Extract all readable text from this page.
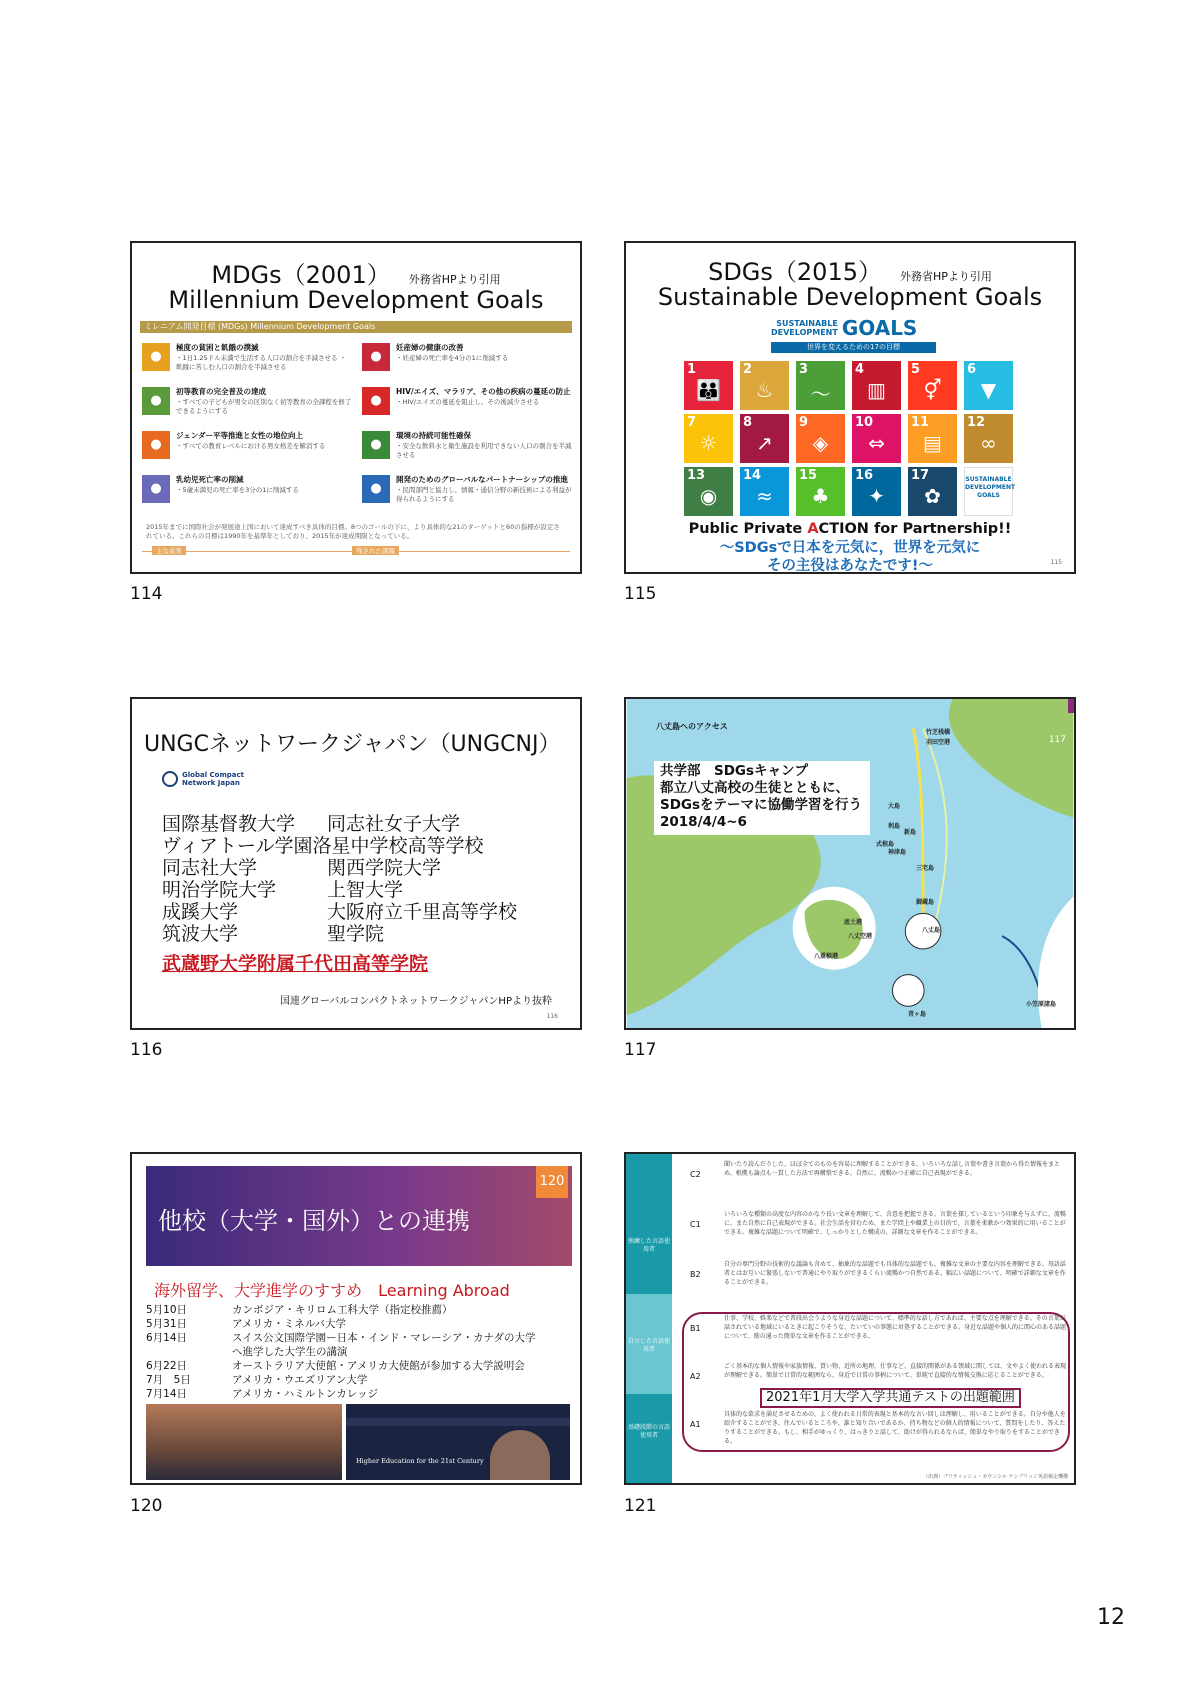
MDGs（2001） 外務省HPより引用
Millennium Development Goals
ミレニアム開発目標 (MDGs) Millennium Development Goals
2015年までに国際社会が発展途上国において達成すべき具体的目標。8つのゴールの下に、より具体的な21のターゲットと60の指標が設定されている。これらの目標は1990年を基準年としており、2015年が達成期限となっている。
主な成果	残された課題
●
極度の貧困と飢餓の撲滅
・1日1.25ドル未満で生活する人口の割合を半減させる ・飢餓に苦しむ人口の割合を半減させる
●
初等教育の完全普及の達成
・すべての子どもが男女の区別なく初等教育の全課程を修了できるようにする
●
ジェンダー平等推進と女性の地位向上
・すべての教育レベルにおける男女格差を解消する
●
乳幼児死亡率の削減
・5歳未満児の死亡率を3分の1に削減する
●
妊産婦の健康の改善
・妊産婦の死亡率を4分の1に削減する
●
HIV/エイズ、マラリア、その他の疾病の蔓延の防止
・HIV/エイズの蔓延を阻止し、その後減少させる
●
環境の持続可能性確保
・安全な飲料水と衛生施設を利用できない人口の割合を半減させる
●
開発のためのグローバルなパートナーシップの推進
・民間部門と協力し、情報・通信分野の新技術による利益が得られるようにする
114
SDGs（2015） 外務省HPより引用
Sustainable Development Goals
SUSTAINABLE
DEVELOPMENT GOALS
世界を変えるための17の目標
1
👪
2
♨
3
〜
4
▥
5
⚥
6
▼
7
☼
8
↗
9
◈
10
⇔
11
▤
12
∞
13
◉
14
≈
15
♣
16
✦
17
✿
SUSTAINABLE DEVELOPMENT GOALS
Public Private ACTION for Partnership!!
〜SDGsで日本を元気に，世界を元気に
その主役はあなたです!〜	115
115
UNGCネットワークジャパン（UNGCNJ）
Global Compact
Network Japan
武蔵野大学附属千代田高等学院
国連グローバルコンパクトネットワークジャパンHPより抜粋
116
国際基督教大学 同志社女子大学
ヴィアトール学園洛星中学校高等学校
同志社大学	関西学院大学
明治学院大学	上智大学
成蹊大学	大阪府立千里高等学校
筑波大学	聖学院
116
八丈島へのアクセス
共学部　SDGsキャンプ
都立八丈高校の生徒とともに、
SDGsをテーマに協働学習を行う
2018/4/4~6
117
竹芝桟橋
羽田空港
大島
利島
新島
式根島
神津島
三宅島
御蔵島
八丈島
青ヶ島
八丈空港
底土港
八重根港
小笠原諸島
117
他校（大学・国外）との連携
120
海外留学、大学進学のすすめ　Learning Abroad
Higher Education for the 21st Century
5月10日	カンボジア・キリロム工科大学（指定校推薦）
5月31日	アメリカ・ミネルバ大学
6月14日	スイス公文国際学園ー日本・インド・マレーシア・カナダの大学
へ進学した大学生の講演
6月22日	オーストラリア大使館・アメリカ大使館が参加する大学説明会
7月　5日	アメリカ・ウエズリアン大学
7月14日	アメリカ・ハミルトンカレッジ
120
熟練した言語使用者
自立した言語使用者
基礎段階の言語使用者
2021年1月大学入学共通テストの出題範囲
（出典）ブリティッシュ・カウンシル ケンブリッジ英語検定機構
C2
聞いたり読んだりした、ほぼ全てのものを容易に理解することができる。いろいろな話し言葉や書き言葉から得た情報をまとめ、根拠も論点も一貫した方法で再構築できる。自然に、流暢かつ正確に自己表現ができる。
C1
いろいろな種類の高度な内容のかなり長い文章を理解して、含意を把握できる。言葉を探しているという印象を与えずに、流暢に、また自然に自己表現ができる。社会生活を営むため、また学問上や職業上の目的で、言葉を柔軟かつ効果的に用いることができる。複雑な話題について明確で、しっかりとした構成の、詳細な文章を作ることができる。
B2
自分の専門分野の技術的な議論も含めて、抽象的な話題でも具体的な話題でも、複雑な文章の主要な内容を理解できる。母語話者とはお互いに緊張しないで普通にやり取りができるくらい流暢かつ自然である。幅広い話題について、明確で詳細な文章を作ることができる。
B1
仕事、学校、娯楽などで普段出会うような身近な話題について、標準的な話し方であれば、主要な点を理解できる。その言葉が話されている地域にいるときに起こりそうな、たいていの事態に対処することができる。身近な話題や個人的に関心のある話題について、筋の通った簡単な文章を作ることができる。
A2
ごく基本的な個人情報や家族情報、買い物、近所の地理、仕事など、直接的関係がある領域に関しては、文やよく使われる表現が理解できる。簡単で日常的な範囲なら、身近で日常の事柄について、単純で直接的な情報交換に応じることができる。
A1
具体的な欲求を満足させるための、よく使われる日常的表現と基本的な言い回しは理解し、用いることができる。自分や他人を紹介することができ、住んでいるところや、誰と知り合いであるか、持ち物などの個人的情報について、質問をしたり、答えたりすることができる。もし、相手がゆっくり、はっきりと話して、助けが得られるならば、簡単なやり取りをすることができる。
121
12
